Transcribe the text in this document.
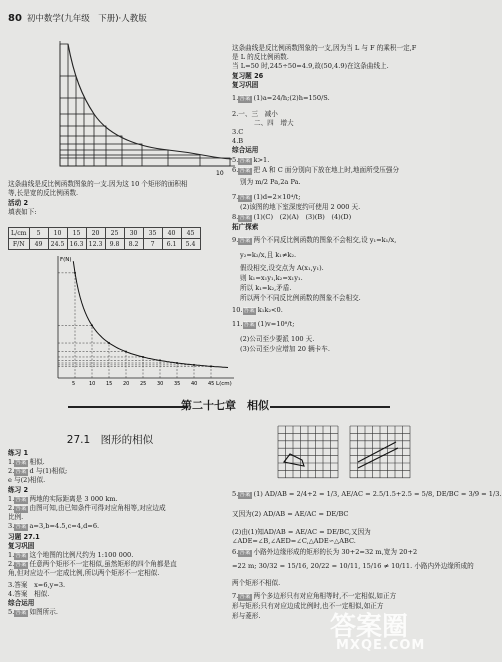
80 初中数学(九年级　下册)·人教版
10
这条曲线是反比例函数图象的一支.因为这 10 个矩形的面积相
等,长是宽的反比例函数.
活动 2
填表如下:
L/cm	5	10	15	20	25	30	35	40	45
F/N	49	24.5	16.3	12.3	9.8	8.2	7	6.1	5.4
5	10 15 20 25 30 35 40 45
F(N)
L(cm)
这条曲线是反比例函数图象的一支,因为当 L 与 F 的乘积一定,F
是 L 的反比例函数.
当 L=50 时,245÷50=4.9,故(50,4.9)在这条曲线上.
复习题 26
复习巩固
1.答案 (1)a=24/h;(2)h=150/S.
2.一、三　减小
二、四　增大
3.C
4.B
综合运用
5.答案 k>1.
6.答案 把 A 和 C 面分别向下放在地上时,地面所受压强分
别为 m/2 Pa,2a Pa.
7.答案 (1)d=2×10⁴/t;
(2)该图的地下室深度约可使用 2 000 天.
8.答案 (1)(C)　(2)(A)　(3)(B)　(4)(D)
拓广探索
9.答案 两个不同反比例函数的图象不会相交,设 y₁=k₁/x,
y₂=k₂/x,且 k₁≠k₂.
假设相交,设交点为 A(x₁,y₁).
则 k₁=x₁y₁,k₂=x₁y₁.
所以 k₁=k₂,矛盾.
所以两个不同反比例函数的图象不会相交.
10.答案 k₁k₂<0.
11.答案 (1)v=10⁸/t;
(2)公司至少要派 100 天.
(3)公司至少应增加 20 辆卡车.
第二十七章　相似
27.1　图形的相似
练习 1
1.答案 相似.
2.答案 d 与(1)相似;
e 与(2)相似.
练习 2
1.答案 两地的实际距离是 3 000 km.
2.答案 由图可知,由已知条件可得对应角相等,对应边成
比例.
3.答案 a=3,b=4.5,c=4,d=6.
习题 27.1
复习巩固
1.答案 这个地图的比例尺约为 1:100 000.
2.答案 任意两个矩形不一定相似,虽然矩形的四个角都是直
角,但对应边不一定成比例,所以两个矩形不一定相似.
3.答案　x=6,y=3.
4.答案　相似.
综合运用
5.答案 如图所示.
5.答案 (1) AD/AB = 2/4+2 = 1/3, AE/AC = 2.5/1.5+2.5 = 5/8, DE/BC = 3/9 = 1/3.
又因为(2) AD/AB = AE/AC = DE/BC
(2)由(1)知AD/AB = AE/AC = DE/BC,又因为∠ADE=∠B,∠AED=∠C,△ADE∽△ABC.
6.答案 小路外边缘形成的矩形的长为 30+2=32 m,宽为 20+2
=22 m; 30/32 = 15/16, 20/22 = 10/11, 15/16 ≠ 10/11. 小路内外边缘所成的
两个矩形不相似.
7.答案 两个多边形只有对应角相等时,不一定相似,如正方
形与矩形;只有对应边成比例时,也不一定相似,如正方
形与菱形.	答案圈
MXQE.COM
